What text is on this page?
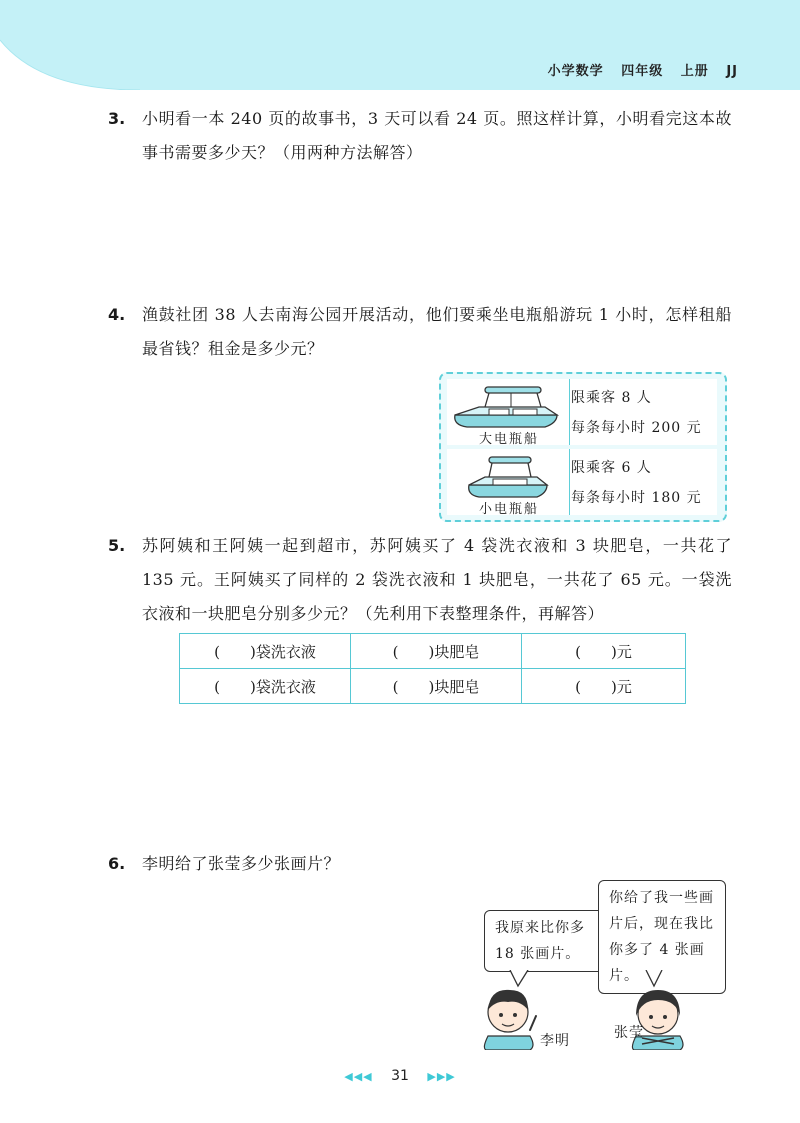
小学数学 四年级 上册 JJ
3. 小明看一本 240 页的故事书，3 天可以看 24 页。照这样计算，小明看完这本故事书需要多少天？（用两种方法解答）
4. 渔鼓社团 38 人去南海公园开展活动，他们要乘坐电瓶船游玩 1 小时，怎样租船最省钱？租金是多少元？
大电瓶船
限乘客 8 人
每条每小时 200 元
小电瓶船
限乘客 6 人
每条每小时 180 元
5. 苏阿姨和王阿姨一起到超市，苏阿姨买了 4 袋洗衣液和 3 块肥皂，一共花了 135 元。王阿姨买了同样的 2 袋洗衣液和 1 块肥皂，一共花了 65 元。一袋洗衣液和一块肥皂分别多少元？（先利用下表整理条件，再解答）
(　　)袋洗衣液	(　　)块肥皂	(　　)元
(　　)袋洗衣液	(　　)块肥皂	(　　)元
6. 李明给了张莹多少张画片？
我原来比你多 18 张画片。
你给了我一些画片后，现在我比你多了 4 张画片。
李明	张莹
◀◀◀ 31 ▶▶▶
